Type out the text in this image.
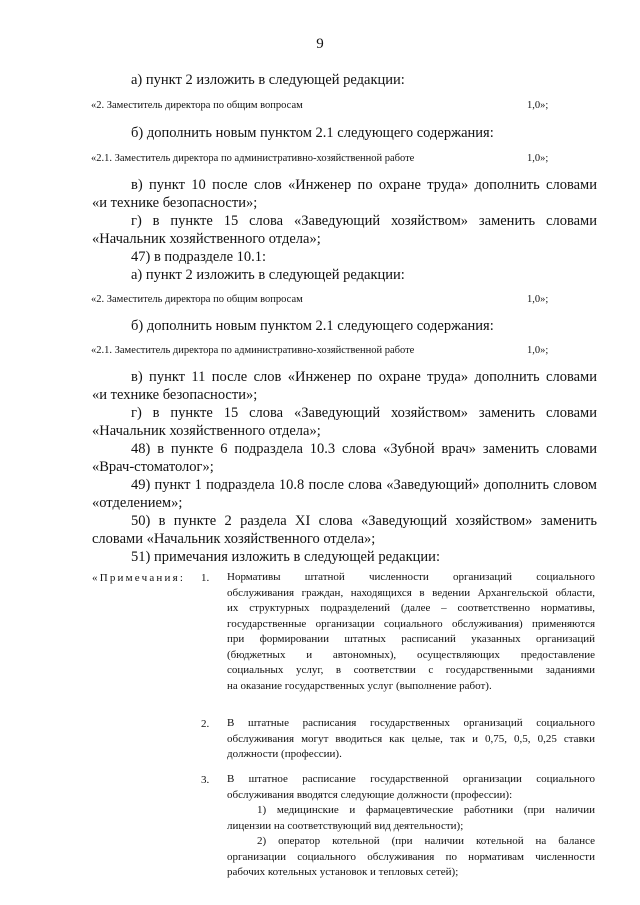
9
а) пункт 2 изложить в следующей редакции:
«2. Заместитель директора по общим вопросам	1,0»;
б) дополнить новым пунктом 2.1 следующего содержания:
«2.1. Заместитель директора по административно-хозяйственной работе	1,0»;
в) пункт 10 после слов «Инженер по охране труда» дополнить словами
«и технике безопасности»;
г) в пункте 15 слова «Заведующий хозяйством» заменить словами
«Начальник хозяйственного отдела»;
47) в подразделе 10.1:
а) пункт 2 изложить в следующей редакции:
«2. Заместитель директора по общим вопросам	1,0»;
б) дополнить новым пунктом 2.1 следующего содержания:
«2.1. Заместитель директора по административно-хозяйственной работе	1,0»;
в) пункт 11 после слов «Инженер по охране труда» дополнить словами
«и технике безопасности»;
г) в пункте 15 слова «Заведующий хозяйством» заменить словами
«Начальник хозяйственного отдела»;
48) в пункте 6 подраздела 10.3 слова «Зубной врач» заменить словами
«Врач-стоматолог»;
49) пункт 1 подраздела 10.8 после слова «Заведующий» дополнить словом
«отделением»;
50) в пункте 2 раздела XI слова «Заведующий хозяйством» заменить
словами «Начальник хозяйственного отдела»;
51) примечания изложить в следующей редакции:
«Примечания: 1. Нормативы штатной численности организаций социального
обслуживания граждан, находящихся в ведении Архангельской области,
их структурных подразделений (далее – соответственно нормативы,
государственные организации социального обслуживания) применяются
при формировании штатных расписаний указанных организаций
(бюджетных и автономных), осуществляющих предоставление
социальных услуг, в соответствии с государственными заданиями
на оказание государственных услуг (выполнение работ).
2. В штатные расписания государственных организаций социального
обслуживания могут вводиться как целые, так и 0,75, 0,5, 0,25 ставки
должности (профессии).
3. В штатное расписание государственной организации социального
обслуживания вводятся следующие должности (профессии):
1) медицинские и фармацевтические работники (при наличии
лицензии на соответствующий вид деятельности);
2) оператор котельной (при наличии котельной на балансе
организации социального обслуживания по нормативам численности
рабочих котельных установок и тепловых сетей);
